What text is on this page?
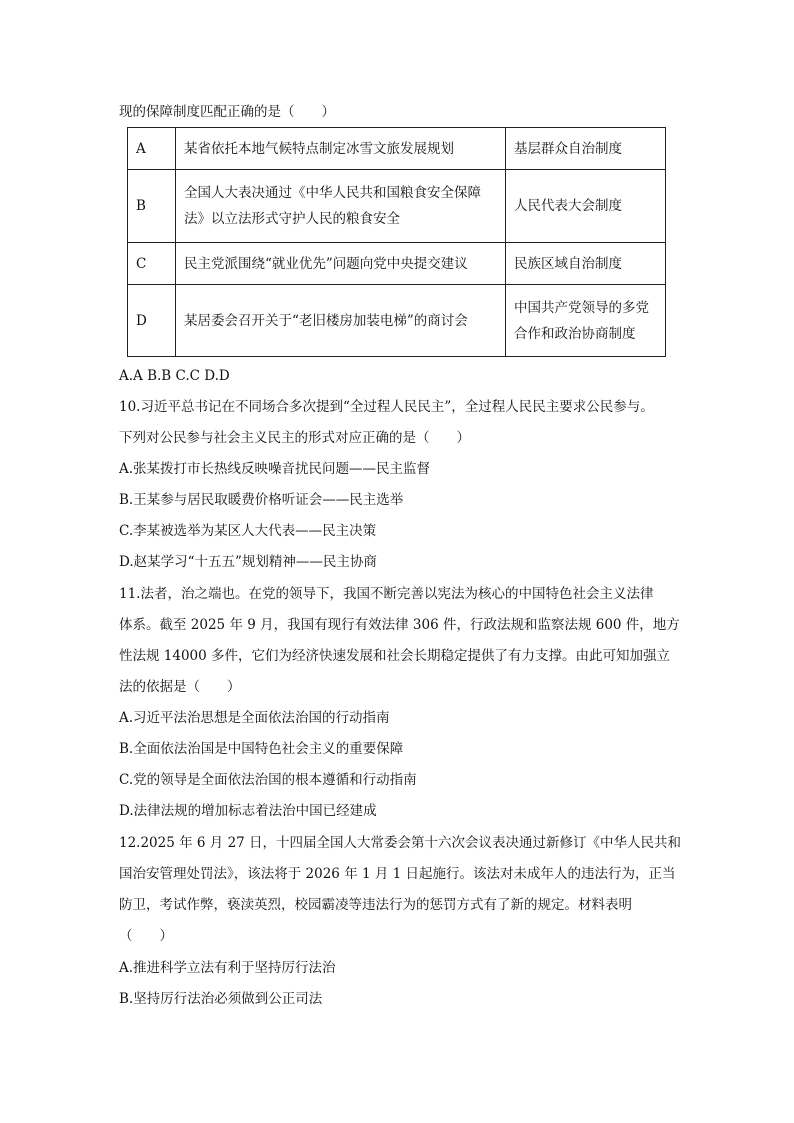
现的保障制度匹配正确的是（　　）
A	某省依托本地气候特点制定冰雪文旅发展规划	基层群众自治制度
B	全国人大表决通过《中华人民共和国粮食安全保障
法》以立法形式守护人民的粮食安全	人民代表大会制度
C	民主党派围绕“就业优先”问题向党中央提交建议	民族区域自治制度
D	某居委会召开关于“老旧楼房加装电梯”的商讨会	中国共产党领导的多党
合作和政治协商制度
A.A B.B C.C D.D
10.习近平总书记在不同场合多次提到“全过程人民民主”，全过程人民民主要求公民参与。
下列对公民参与社会主义民主的形式对应正确的是（　　）
A.张某拨打市长热线反映噪音扰民问题——民主监督
B.王某参与居民取暖费价格听证会——民主选举
C.李某被选举为某区人大代表——民主决策
D.赵某学习“十五五”规划精神——民主协商
11.法者，治之端也。在党的领导下，我国不断完善以宪法为核心的中国特色社会主义法律
体系。截至 2025 年 9 月，我国有现行有效法律 306 件，行政法规和监察法规 600 件，地方
性法规 14000 多件，它们为经济快速发展和社会长期稳定提供了有力支撑。由此可知加强立
法的依据是（　　）
A.习近平法治思想是全面依法治国的行动指南
B.全面依法治国是中国特色社会主义的重要保障
C.党的领导是全面依法治国的根本遵循和行动指南
D.法律法规的增加标志着法治中国已经建成
12.2025 年 6 月 27 日，十四届全国人大常委会第十六次会议表决通过新修订《中华人民共和
国治安管理处罚法》，该法将于 2026 年 1 月 1 日起施行。该法对未成年人的违法行为，正当
防卫，考试作弊，亵渎英烈，校园霸凌等违法行为的惩罚方式有了新的规定。材料表明
（　　）
A.推进科学立法有利于坚持厉行法治
B.坚持厉行法治必须做到公正司法
